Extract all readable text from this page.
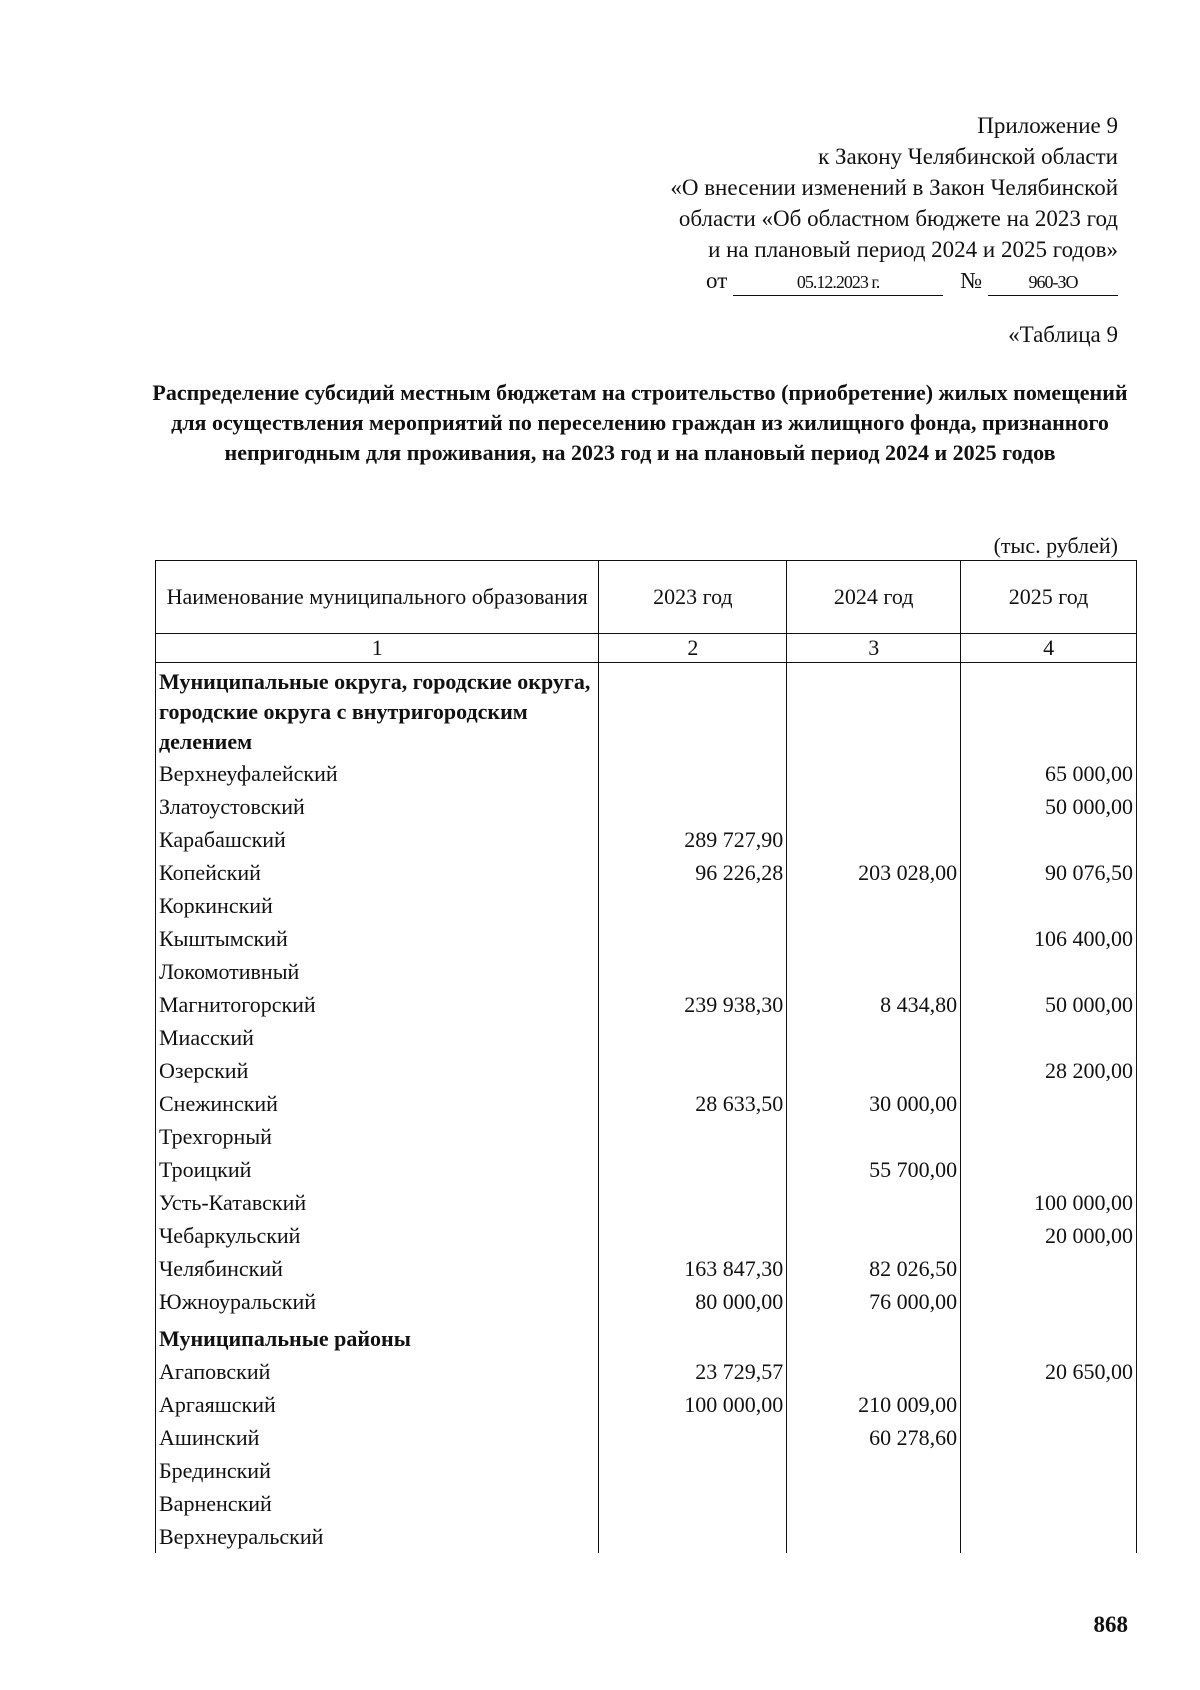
Приложение 9
к Закону Челябинской области
«О внесении изменений в Закон Челябинской
области «Об областном бюджете на 2023 год
и на плановый период 2024 и 2025 годов»
от	05.12.2023 г.	№	960-ЗО
«Таблица 9
Распределение субсидий местным бюджетам на строительство (приобретение) жилых помещений для осуществления мероприятий по переселению граждан из жилищного фонда, признанного непригодным для проживания, на 2023 год и на плановый период 2024 и 2025 годов
(тыс. рублей)
Наименование муниципального образования	2023 год	2024 год	2025 год
1	2	3	4
Муниципальные округа, городские округа, городские округа с внутригородским делением			
Верхнеуфалейский			65 000,00
Златоустовский			50 000,00
Карабашский	289 727,90		
Копейский	96 226,28	203 028,00	90 076,50
Коркинский			
Кыштымский			106 400,00
Локомотивный			
Магнитогорский	239 938,30	8 434,80	50 000,00
Миасский			
Озерский			28 200,00
Снежинский	28 633,50	30 000,00	
Трехгорный			
Троицкий		55 700,00	
Усть-Катавский			100 000,00
Чебаркульский			20 000,00
Челябинский	163 847,30	82 026,50	
Южноуральский	80 000,00	76 000,00	
Муниципальные районы			
Агаповский	23 729,57		20 650,00
Аргаяшский	100 000,00	210 009,00	
Ашинский		60 278,60	
Брединский			
Варненский			
Верхнеуральский			
868
